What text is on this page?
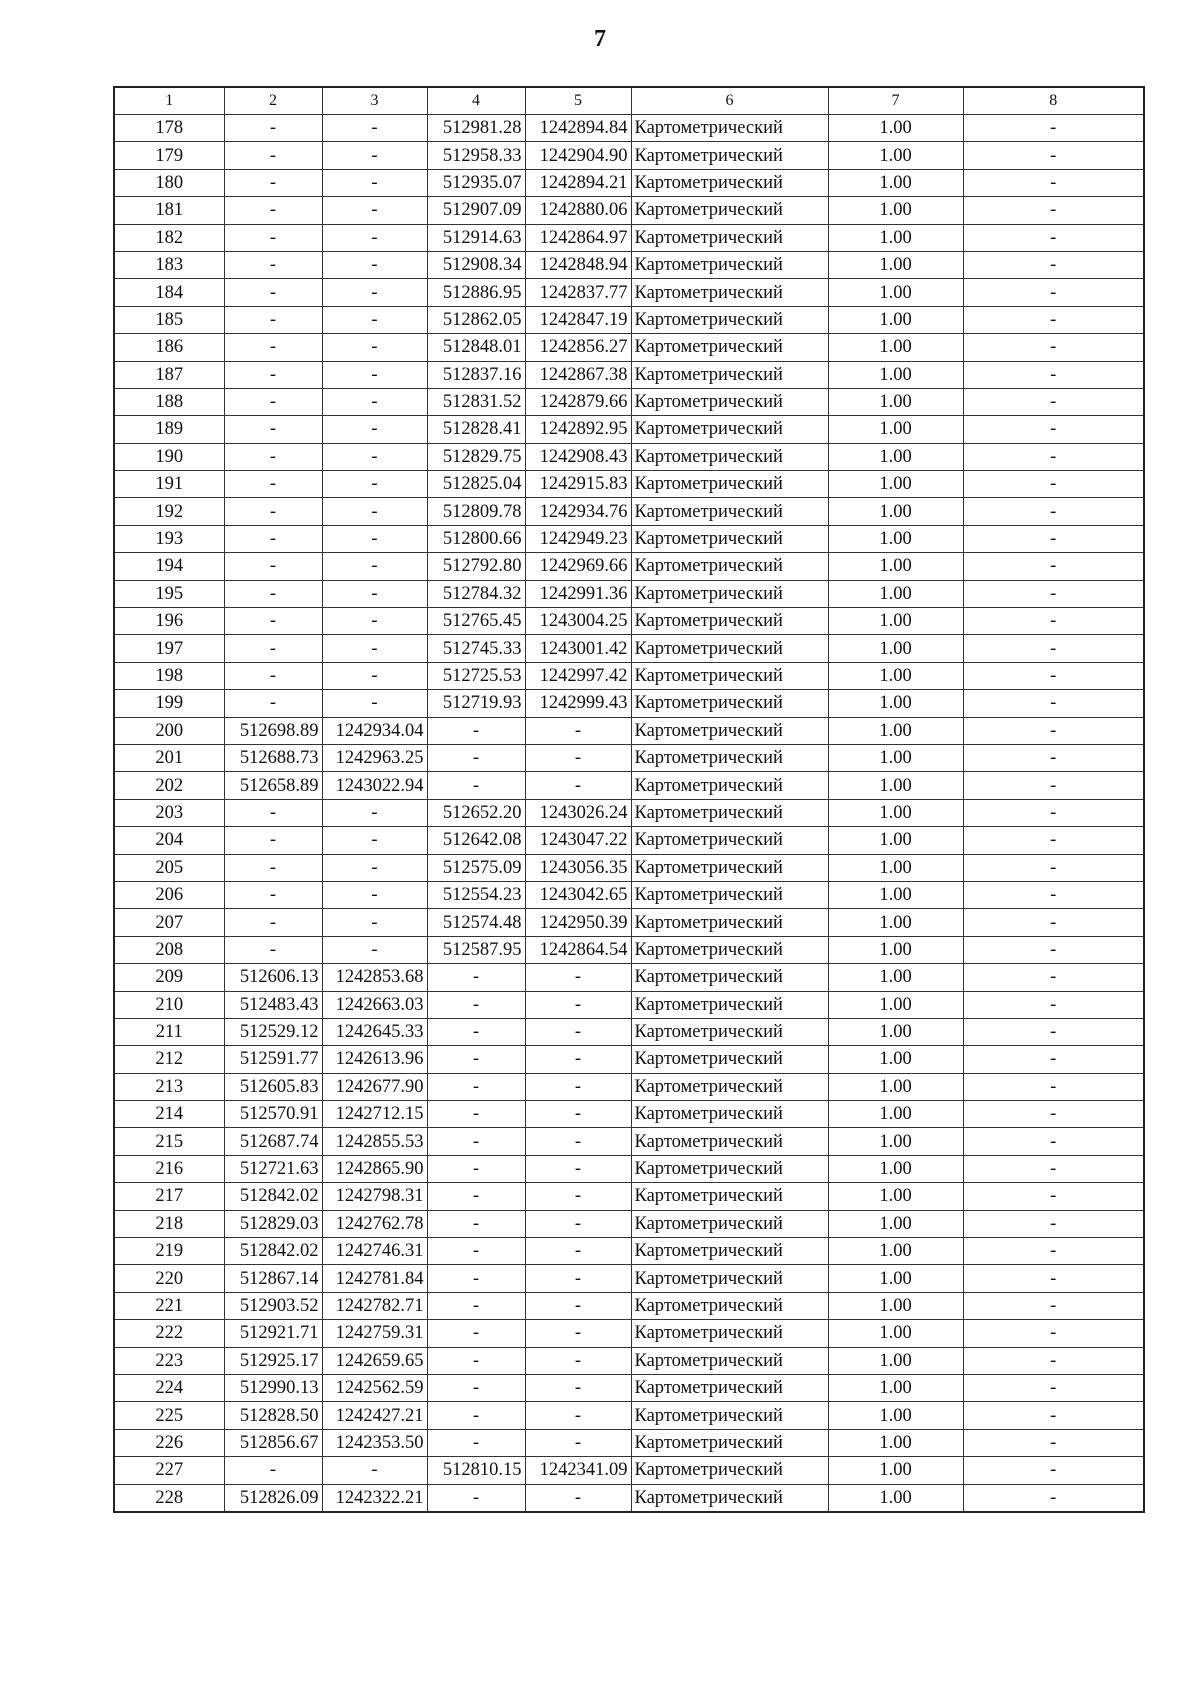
7
1	2	3	4	5	6	7	8
178	-	-	512981.28	1242894.84	Картометрический	1.00	-
179	-	-	512958.33	1242904.90	Картометрический	1.00	-
180	-	-	512935.07	1242894.21	Картометрический	1.00	-
181	-	-	512907.09	1242880.06	Картометрический	1.00	-
182	-	-	512914.63	1242864.97	Картометрический	1.00	-
183	-	-	512908.34	1242848.94	Картометрический	1.00	-
184	-	-	512886.95	1242837.77	Картометрический	1.00	-
185	-	-	512862.05	1242847.19	Картометрический	1.00	-
186	-	-	512848.01	1242856.27	Картометрический	1.00	-
187	-	-	512837.16	1242867.38	Картометрический	1.00	-
188	-	-	512831.52	1242879.66	Картометрический	1.00	-
189	-	-	512828.41	1242892.95	Картометрический	1.00	-
190	-	-	512829.75	1242908.43	Картометрический	1.00	-
191	-	-	512825.04	1242915.83	Картометрический	1.00	-
192	-	-	512809.78	1242934.76	Картометрический	1.00	-
193	-	-	512800.66	1242949.23	Картометрический	1.00	-
194	-	-	512792.80	1242969.66	Картометрический	1.00	-
195	-	-	512784.32	1242991.36	Картометрический	1.00	-
196	-	-	512765.45	1243004.25	Картометрический	1.00	-
197	-	-	512745.33	1243001.42	Картометрический	1.00	-
198	-	-	512725.53	1242997.42	Картометрический	1.00	-
199	-	-	512719.93	1242999.43	Картометрический	1.00	-
200	512698.89	1242934.04	-	-	Картометрический	1.00	-
201	512688.73	1242963.25	-	-	Картометрический	1.00	-
202	512658.89	1243022.94	-	-	Картометрический	1.00	-
203	-	-	512652.20	1243026.24	Картометрический	1.00	-
204	-	-	512642.08	1243047.22	Картометрический	1.00	-
205	-	-	512575.09	1243056.35	Картометрический	1.00	-
206	-	-	512554.23	1243042.65	Картометрический	1.00	-
207	-	-	512574.48	1242950.39	Картометрический	1.00	-
208	-	-	512587.95	1242864.54	Картометрический	1.00	-
209	512606.13	1242853.68	-	-	Картометрический	1.00	-
210	512483.43	1242663.03	-	-	Картометрический	1.00	-
211	512529.12	1242645.33	-	-	Картометрический	1.00	-
212	512591.77	1242613.96	-	-	Картометрический	1.00	-
213	512605.83	1242677.90	-	-	Картометрический	1.00	-
214	512570.91	1242712.15	-	-	Картометрический	1.00	-
215	512687.74	1242855.53	-	-	Картометрический	1.00	-
216	512721.63	1242865.90	-	-	Картометрический	1.00	-
217	512842.02	1242798.31	-	-	Картометрический	1.00	-
218	512829.03	1242762.78	-	-	Картометрический	1.00	-
219	512842.02	1242746.31	-	-	Картометрический	1.00	-
220	512867.14	1242781.84	-	-	Картометрический	1.00	-
221	512903.52	1242782.71	-	-	Картометрический	1.00	-
222	512921.71	1242759.31	-	-	Картометрический	1.00	-
223	512925.17	1242659.65	-	-	Картометрический	1.00	-
224	512990.13	1242562.59	-	-	Картометрический	1.00	-
225	512828.50	1242427.21	-	-	Картометрический	1.00	-
226	512856.67	1242353.50	-	-	Картометрический	1.00	-
227	-	-	512810.15	1242341.09	Картометрический	1.00	-
228	512826.09	1242322.21	-	-	Картометрический	1.00	-
